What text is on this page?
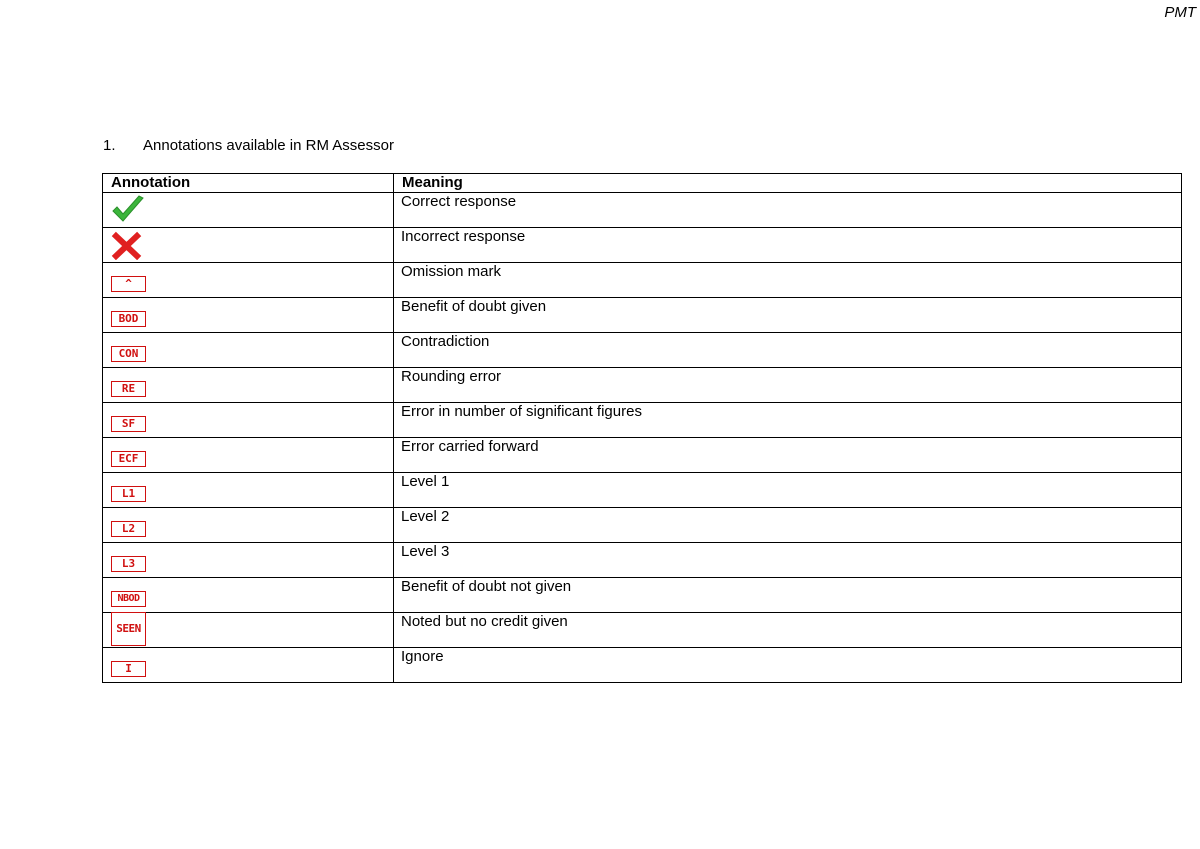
PMT
1.	Annotations available in RM Assessor
Annotation	Meaning

	Correct response

	Incorrect response

^	Omission mark

BOD	Benefit of doubt given

CON	Contradiction

RE	Rounding error

SF	Error in number of significant figures

ECF	Error carried forward

L1	Level 1

L2	Level 2

L3	Level 3

NBOD	Benefit of doubt not given

SEEN	Noted but no credit given

I	Ignore
